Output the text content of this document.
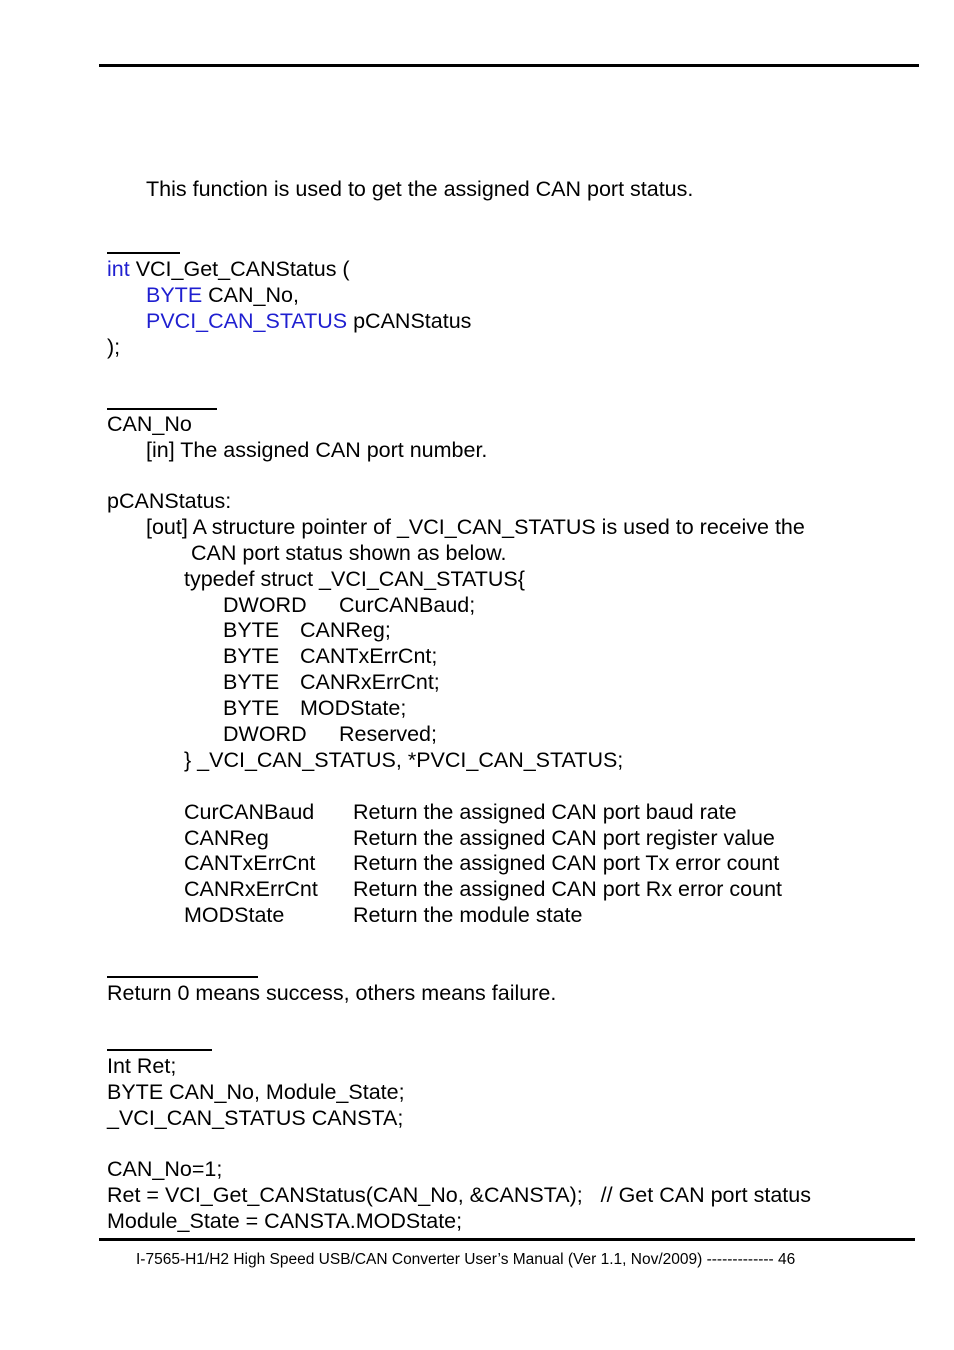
This function is used to get the assigned CAN port status.
int VCI_Get_CANStatus (
BYTE CAN_No,
PVCI_CAN_STATUS pCANStatus
);
CAN_No
[in] The assigned CAN port number.
pCANStatus:
[out] A structure pointer of _VCI_CAN_STATUS is used to receive the
CAN port status shown as below.
typedef struct _VCI_CAN_STATUS{
DWORD CurCANBaud;
BYTE CANReg;
BYTE CANTxErrCnt;
BYTE CANRxErrCnt;
BYTE MODState;
DWORD Reserved;
} _VCI_CAN_STATUS, *PVCI_CAN_STATUS;
CurCANBaud Return the assigned CAN port baud rate
CANReg	Return the assigned CAN port register value
CANTxErrCnt Return the assigned CAN port Tx error count
CANRxErrCnt Return the assigned CAN port Rx error count
MODState	Return the module state
Return 0 means success, others means failure.
Int Ret;
BYTE CAN_No, Module_State;
_VCI_CAN_STATUS CANSTA;
CAN_No=1;
Ret = VCI_Get_CANStatus(CAN_No, &CANSTA);   // Get CAN port status
Module_State = CANSTA.MODState;
I-7565-H1/H2 High Speed USB/CAN Converter User’s Manual (Ver 1.1, Nov/2009) ------------- 46
